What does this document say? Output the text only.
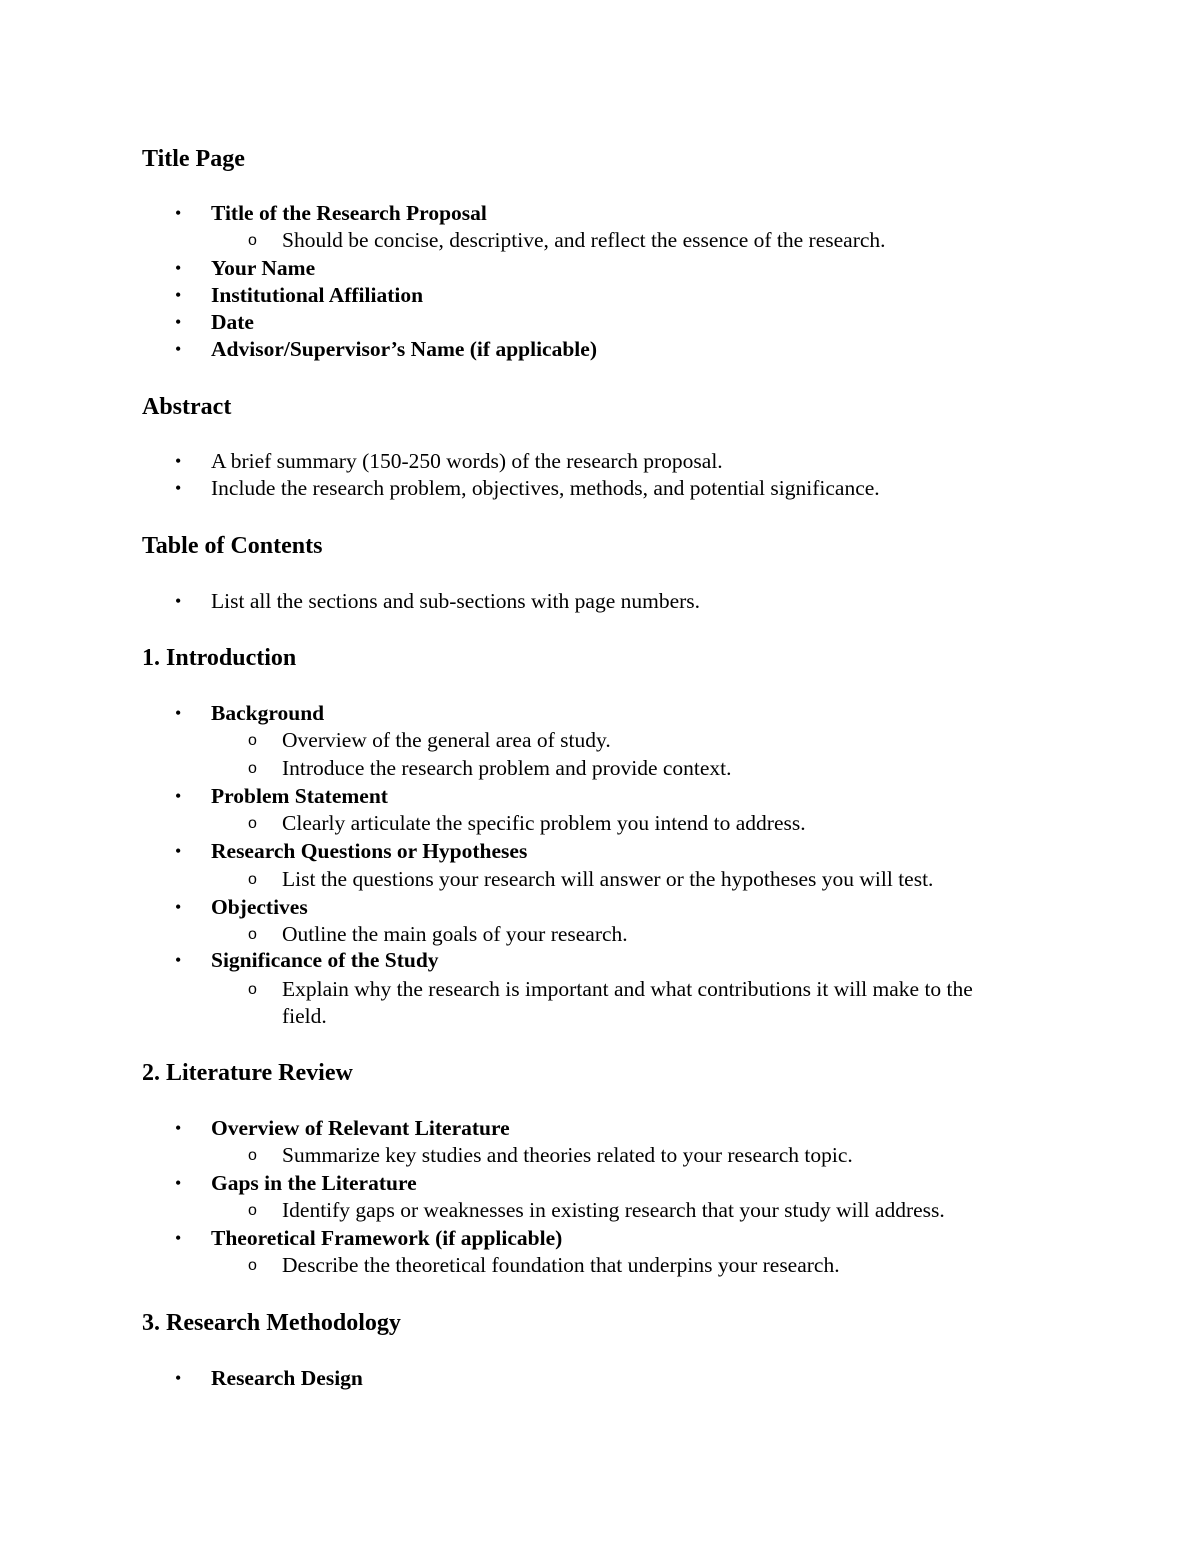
Title Page
• Title of the Research Proposal
o Should be concise, descriptive, and reflect the essence of the research.
• Your Name
• Institutional Affiliation
• Date
• Advisor/Supervisor’s Name (if applicable)
Abstract
• A brief summary (150-250 words) of the research proposal.
• Include the research problem, objectives, methods, and potential significance.
Table of Contents
• List all the sections and sub-sections with page numbers.
1. Introduction
• Background
o Overview of the general area of study.
o Introduce the research problem and provide context.
• Problem Statement
o Clearly articulate the specific problem you intend to address.
• Research Questions or Hypotheses
o List the questions your research will answer or the hypotheses you will test.
• Objectives
o Outline the main goals of your research.
• Significance of the Study
o Explain why the research is important and what contributions it will make to the
field.
2. Literature Review
• Overview of Relevant Literature
o Summarize key studies and theories related to your research topic.
• Gaps in the Literature
o Identify gaps or weaknesses in existing research that your study will address.
• Theoretical Framework (if applicable)
o Describe the theoretical foundation that underpins your research.
3. Research Methodology
• Research Design
